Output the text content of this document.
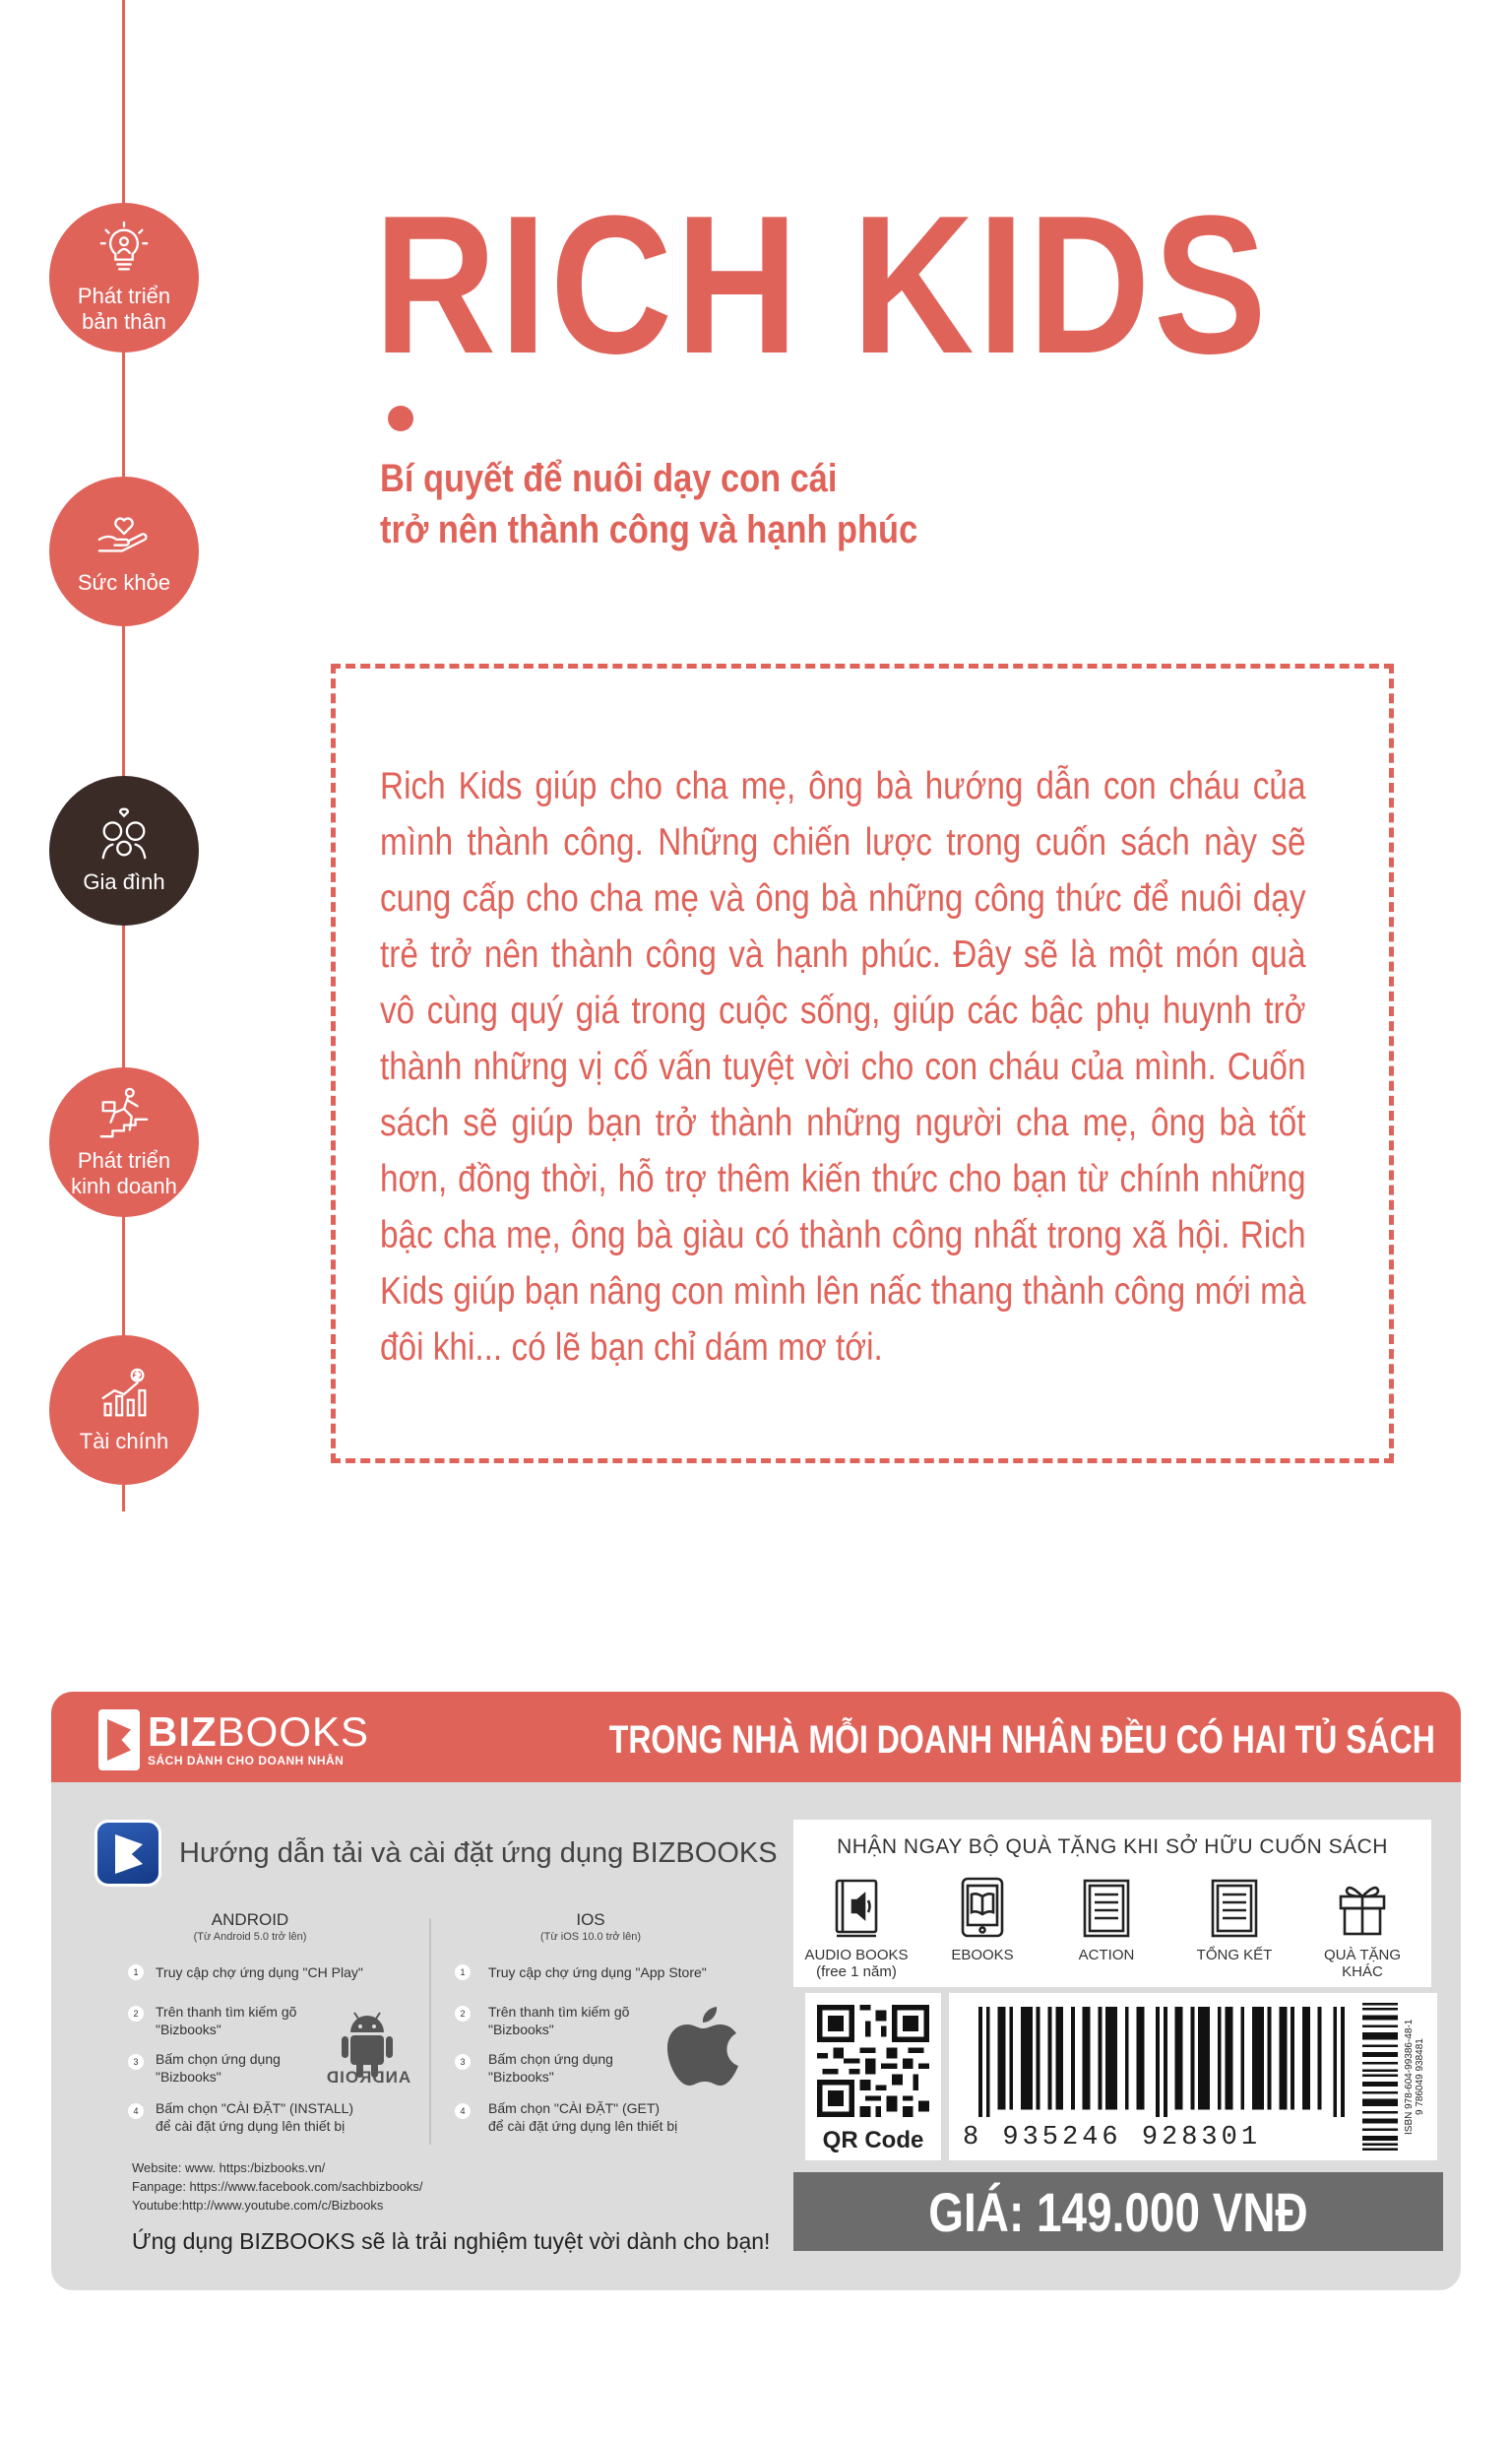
Phát triển
bản thân
Sức khỏe
Gia đình
Phát triển
kinh doanh
Tài chính
RICH KIDS
Bí quyết để nuôi dạy con cái
trở nên thành công và hạnh phúc
Rich Kids giúp cho cha mẹ, ông bà hướng dẫn con cháu của mình thành công. Những chiến lược trong cuốn sách này sẽ cung cấp cho cha mẹ và ông bà những công thức để nuôi dạy trẻ trở nên thành công và hạnh phúc. Đây sẽ là một món quà vô cùng quý giá trong cuộc sống, giúp các bậc phụ huynh trở thành những vị cố vấn tuyệt vời cho con cháu của mình. Cuốn sách sẽ giúp bạn trở thành những người cha mẹ, ông bà tốt hơn, đồng thời, hỗ trợ thêm kiến thức cho bạn từ chính những bậc cha mẹ, ông bà giàu có thành công nhất trong xã hội. Rich Kids giúp bạn nâng con mình lên nấc thang thành công mới mà đôi khi... có lẽ bạn chỉ dám mơ tới.
BIZBOOKS
SÁCH DÀNH CHO DOANH NHÂN	TRONG NHÀ MỖI DOANH NHÂN ĐỀU CÓ HAI TỦ SÁCH
Hướng dẫn tải và cài đặt ứng dụng BIZBOOKS
ANDROID
(Từ Android 5.0 trở lên)
IOS
(Từ iOS 10.0 trở lên)
1	Truy cập chợ ứng dụng "CH Play"
2	Trên thanh tìm kiếm gõ
"Bizbooks"
3	Bấm chọn ứng dụng
"Bizbooks"
4	Bấm chọn "CÀI ĐẶT" (INSTALL)
để cài đặt ứng dụng lên thiết bị
ANDROID
1	Truy cập chợ ứng dụng "App Store"
2	Trên thanh tìm kiếm gõ
"Bizbooks"
3	Bấm chọn ứng dụng
"Bizbooks"
4	Bấm chọn "CÀI ĐẶT" (GET)
để cài đặt ứng dụng lên thiết bị
Website: www. https:/bizbooks.vn/
Fanpage: https://www.facebook.com/sachbizbooks/
Youtube:http://www.youtube.com/c/Bizbooks
Ứng dụng BIZBOOKS sẽ là trải nghiệm tuyệt vời dành cho bạn!
NHẬN NGAY BỘ QUÀ TẶNG KHI SỞ HỮU CUỐN SÁCH
AUDIO BOOKS
(free 1 năm)
EBOOKS	ACTION	TỔNG KẾT	QUÀ TẶNG
KHÁC
QR Code	8 935246 928301
ISBN 978-604-99386-48-1 9 786049 938481
GIÁ: 149.000 VNĐ
